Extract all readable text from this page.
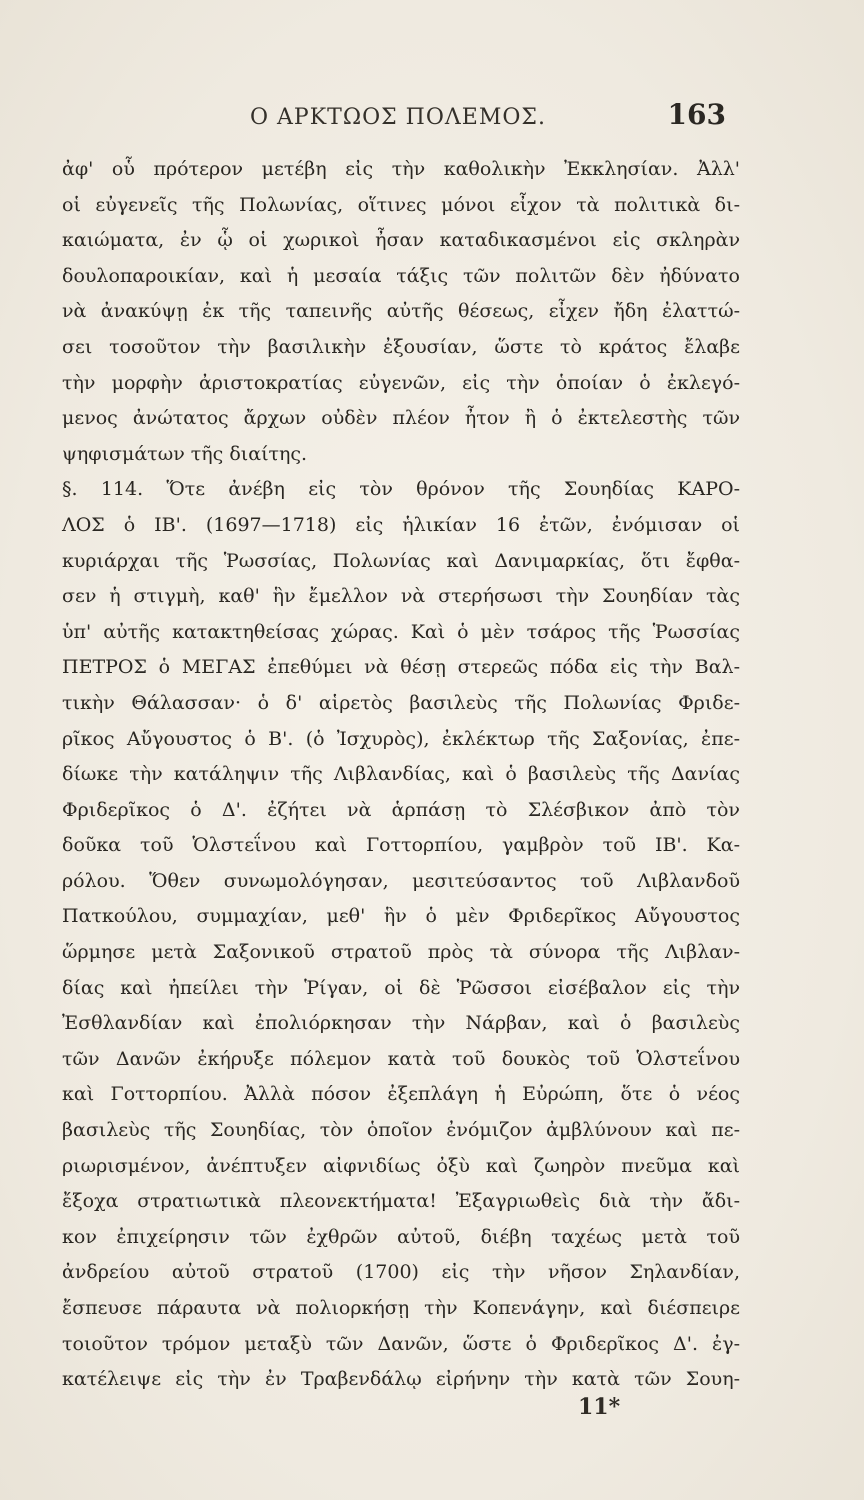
Ο ΑΡΚΤΩΟΣ ΠΟΛΕΜΟΣ.	163
ἀφ' οὗ πρότερον μετέβη εἰς τὴν καθολικὴν Ἐκκλησίαν. Ἀλλ'
οἱ εὐγενεῖς τῆς Πολωνίας, οἵτινες μόνοι εἶχον τὰ πολιτικὰ δι-
καιώματα, ἐν ᾧ οἱ χωρικοὶ ἦσαν καταδικασμένοι εἰς σκληρὰν
δουλοπαροικίαν, καὶ ἡ μεσαία τάξις τῶν πολιτῶν δὲν ἠδύνατο
νὰ ἀνακύψῃ ἐκ τῆς ταπεινῆς αὐτῆς θέσεως, εἶχεν ἤδη ἐλαττώ-
σει τοσοῦτον τὴν βασιλικὴν ἐξουσίαν, ὥστε τὸ κράτος ἔλαβε
τὴν μορφὴν ἀριστοκρατίας εὐγενῶν, εἰς τὴν ὁποίαν ὁ ἐκλεγό-
μενος ἀνώτατος ἄρχων οὐδὲν πλέον ἦτον ἢ ὁ ἐκτελεστὴς τῶν
ψηφισμάτων τῆς διαίτης.
§. 114. Ὅτε ἀνέβη εἰς τὸν θρόνον τῆς Σουηδίας ΚΑΡΟ-
ΛΟΣ ὁ ΙΒ'. (1697—1718) εἰς ἡλικίαν 16 ἐτῶν, ἐνόμισαν οἱ
κυριάρχαι τῆς Ῥωσσίας, Πολωνίας καὶ Δανιμαρκίας, ὅτι ἔφθα-
σεν ἡ στιγμὴ, καθ' ἣν ἔμελλον νὰ στερήσωσι τὴν Σουηδίαν τὰς
ὑπ' αὐτῆς κατακτηθείσας χώρας. Καὶ ὁ μὲν τσάρος τῆς Ῥωσσίας
ΠΕΤΡΟΣ ὁ ΜΕΓΑΣ ἐπεθύμει νὰ θέσῃ στερεῶς πόδα εἰς τὴν Βαλ-
τικὴν Θάλασσαν· ὁ δ' αἱρετὸς βασιλεὺς τῆς Πολωνίας Φριδε-
ρῖκος Αὔγουστος ὁ Β'. (ὁ Ἰσχυρὸς), ἐκλέκτωρ τῆς Σαξονίας, ἐπε-
δίωκε τὴν κατάληψιν τῆς Λιβλανδίας, καὶ ὁ βασιλεὺς τῆς Δανίας
Φριδερῖκος ὁ Δ'. ἐζήτει νὰ ἁρπάσῃ τὸ Σλέσβικον ἀπὸ τὸν
δοῦκα τοῦ Ὁλστεΐνου καὶ Γοττορπίου, γαμβρὸν τοῦ ΙΒ'. Κα-
ρόλου. Ὅθεν συνωμολόγησαν, μεσιτεύσαντος τοῦ Λιβλανδοῦ
Πατκούλου, συμμαχίαν, μεθ' ἣν ὁ μὲν Φριδερῖκος Αὔγουστος
ὥρμησε μετὰ Σαξονικοῦ στρατοῦ πρὸς τὰ σύνορα τῆς Λιβλαν-
δίας καὶ ἠπείλει τὴν Ῥίγαν, οἱ δὲ Ῥῶσσοι εἰσέβαλον εἰς τὴν
Ἐσθλανδίαν καὶ ἐπολιόρκησαν τὴν Νάρβαν, καὶ ὁ βασιλεὺς
τῶν Δανῶν ἐκήρυξε πόλεμον κατὰ τοῦ δουκὸς τοῦ Ὁλστεΐνου
καὶ Γοττορπίου. Ἀλλὰ πόσον ἐξεπλάγη ἡ Εὐρώπη, ὅτε ὁ νέος
βασιλεὺς τῆς Σουηδίας, τὸν ὁποῖον ἐνόμιζον ἀμβλύνουν καὶ πε-
ριωρισμένον, ἀνέπτυξεν αἰφνιδίως ὀξὺ καὶ ζωηρὸν πνεῦμα καὶ
ἔξοχα στρατιωτικὰ πλεονεκτήματα! Ἐξαγριωθεὶς διὰ τὴν ἄδι-
κον ἐπιχείρησιν τῶν ἐχθρῶν αὐτοῦ, διέβη ταχέως μετὰ τοῦ
ἀνδρείου αὐτοῦ στρατοῦ (1700) εἰς τὴν νῆσον Σηλανδίαν,
ἔσπευσε πάραυτα νὰ πολιορκήσῃ τὴν Κοπενάγην, καὶ διέσπειρε
τοιοῦτον τρόμον μεταξὺ τῶν Δανῶν, ὥστε ὁ Φριδερῖκος Δ'. ἐγ-
κατέλειψε εἰς τὴν ἐν Τραβενδάλῳ εἰρήνην τὴν κατὰ τῶν Σουη-
11*
